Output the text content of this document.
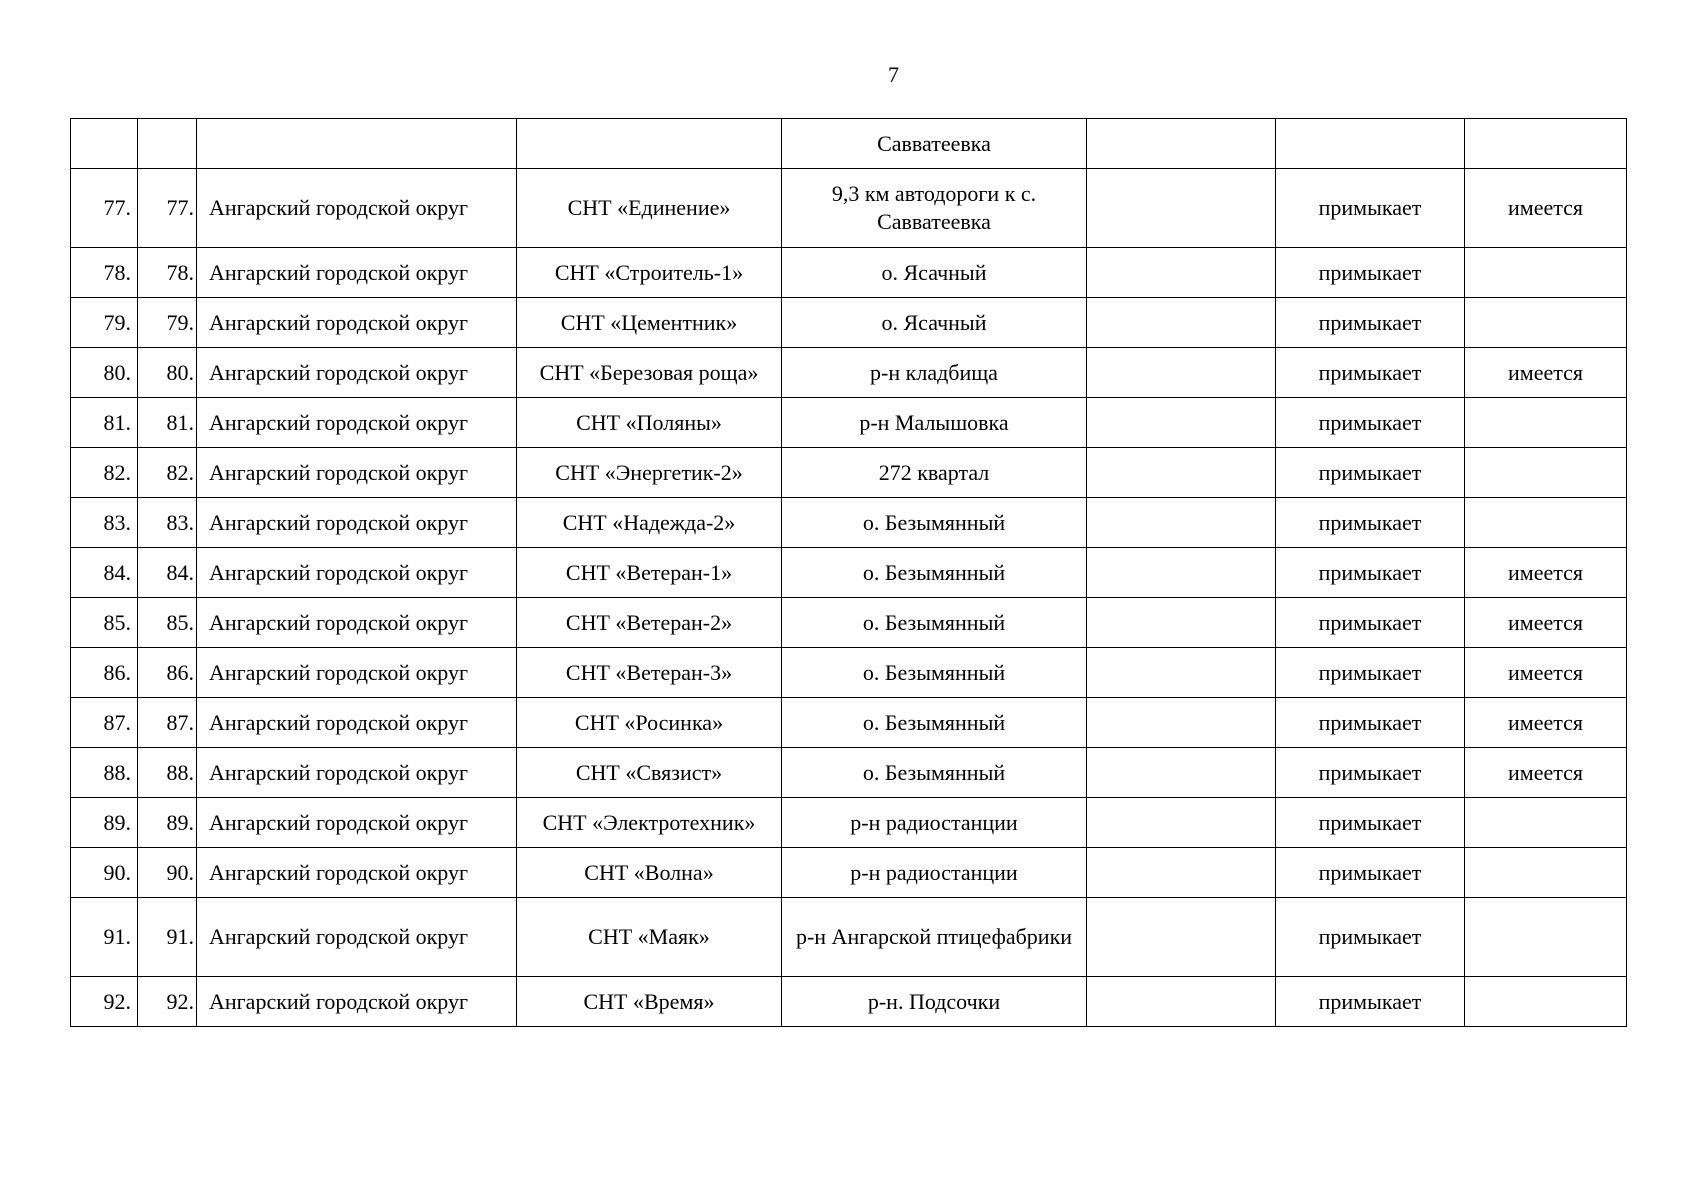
7
				Савватеевка			
77.	77.	Ангарский городской округ	СНТ «Единение»	9,3 км автодороги к с. Савватеевка		примыкает	имеется
78.	78.	Ангарский городской округ	СНТ «Строитель-1»	о. Ясачный		примыкает	
79.	79.	Ангарский городской округ	СНТ «Цементник»	о. Ясачный		примыкает	
80.	80.	Ангарский городской округ	СНТ «Березовая роща»	р-н кладбища		примыкает	имеется
81.	81.	Ангарский городской округ	СНТ «Поляны»	р-н Малышовка		примыкает	
82.	82.	Ангарский городской округ	СНТ «Энергетик-2»	272 квартал		примыкает	
83.	83.	Ангарский городской округ	СНТ «Надежда-2»	о. Безымянный		примыкает	
84.	84.	Ангарский городской округ	СНТ «Ветеран-1»	о. Безымянный		примыкает	имеется
85.	85.	Ангарский городской округ	СНТ «Ветеран-2»	о. Безымянный		примыкает	имеется
86.	86.	Ангарский городской округ	СНТ «Ветеран-3»	о. Безымянный		примыкает	имеется
87.	87.	Ангарский городской округ	СНТ «Росинка»	о. Безымянный		примыкает	имеется
88.	88.	Ангарский городской округ	СНТ «Связист»	о. Безымянный		примыкает	имеется
89.	89.	Ангарский городской округ	СНТ «Электротехник»	р-н радиостанции		примыкает	
90.	90.	Ангарский городской округ	СНТ «Волна»	р-н радиостанции		примыкает	
91.	91.	Ангарский городской округ	СНТ «Маяк»	р-н Ангарской птицефабрики		примыкает	
92.	92.	Ангарский городской округ	СНТ «Время»	р-н. Подсочки		примыкает	
